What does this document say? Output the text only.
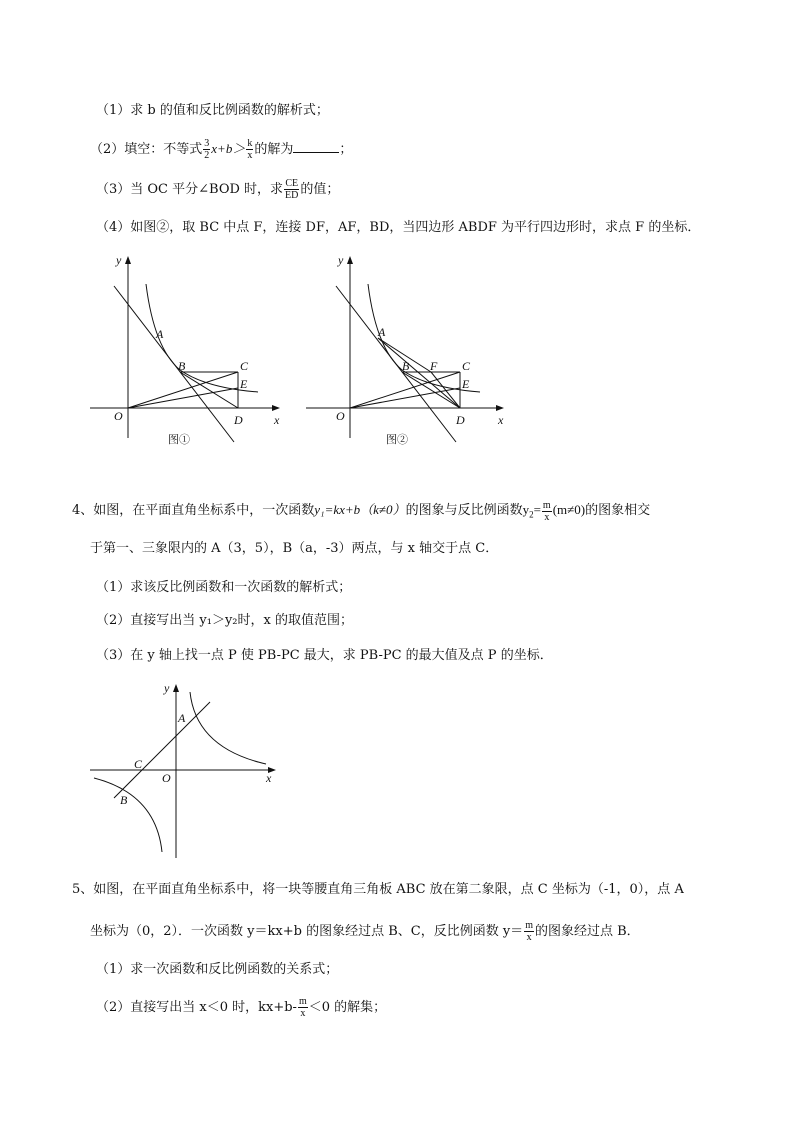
（1）求 b 的值和反比例函数的解析式；
（2）填空：不等式 $\frac{3}{2} x+b> \frac{k}{x}$ 的解为	；
（3）当 OC 平分∠BOD 时，求 $\frac{CE}{ED}$ 的值；
（4）如图②，取 BC 中点 F，连接 DF，AF，BD，当四边形 ABDF 为平行四边形时，求点 F 的坐标．
y
x
O
A
B	C
E
D
图①
y
x
O
A
B F C
E
D
图②
4、如图，在平面直角坐标系中，一次函数y₁=kx+b（k≠0）的图象与反比例函数$y_2= \frac{m}{x} (m\ne 0)$的图象相交
于第一、三象限内的 A（3，5），B（a，-3）两点，与 x 轴交于点 C．
（1）求该反比例函数和一次函数的解析式；
（2）直接写出当 y₁＞y₂时，x 的取值范围；
（3）在 y 轴上找一点 P 使 PB-PC 最大，求 PB-PC 的最大值及点 P 的坐标．
y
x
O
A
C
B
5、如图，在平面直角坐标系中，将一块等腰直角三角板 ABC 放在第二象限，点 C 坐标为（-1，0），点 A
坐标为（0，2）．一次函数 y＝kx+b 的图象经过点 B、C，反比例函数 $y= \frac{m}{x}$ 的图象经过点 B．
（1）求一次函数和反比例函数的关系式；
（2）直接写出当 x＜0 时，$kx+b- \frac{m}{x} <0$ 的解集；
